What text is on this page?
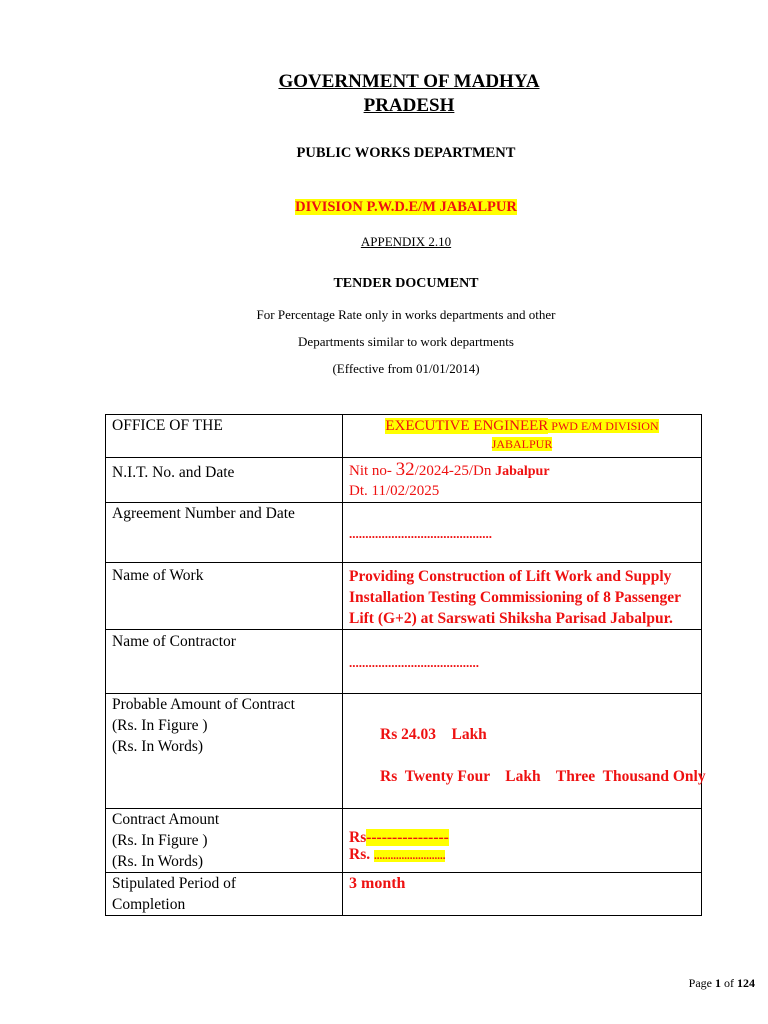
GOVERNMENT OF MADHYA
PRADESH
PUBLIC WORKS DEPARTMENT
DIVISION P.W.D.E/M JABALPUR
APPENDIX 2.10
TENDER DOCUMENT
For Percentage Rate only in works departments and other
Departments similar to work departments
(Effective from 01/01/2014)
OFFICE OF THE	EXECUTIVE ENGINEER PWD E/M DIVISION
JABALPUR
N.I.T. No. and Date	Nit no- 32/2024-25/Dn Jabalpur
Dt. 11/02/2025
Agreement Number and Date	............................................
Name of Work	Providing Construction of Lift Work and Supply Installation Testing Commissioning of 8 Passenger Lift (G+2) at Sarswati Shiksha Parisad Jabalpur.
Name of Contractor	........................................
Probable Amount of Contract
(Rs. In Figure )
(Rs. In Words)	Rs 24.03    Lakh

Rs  Twenty Four    Lakh    Three  Thousand Only

Contract Amount
(Rs. In Figure )
(Rs. In Words)	Rs----------------
Rs. ..........................
Stipulated Period of
Completion	3 month
Page 1 of 124
